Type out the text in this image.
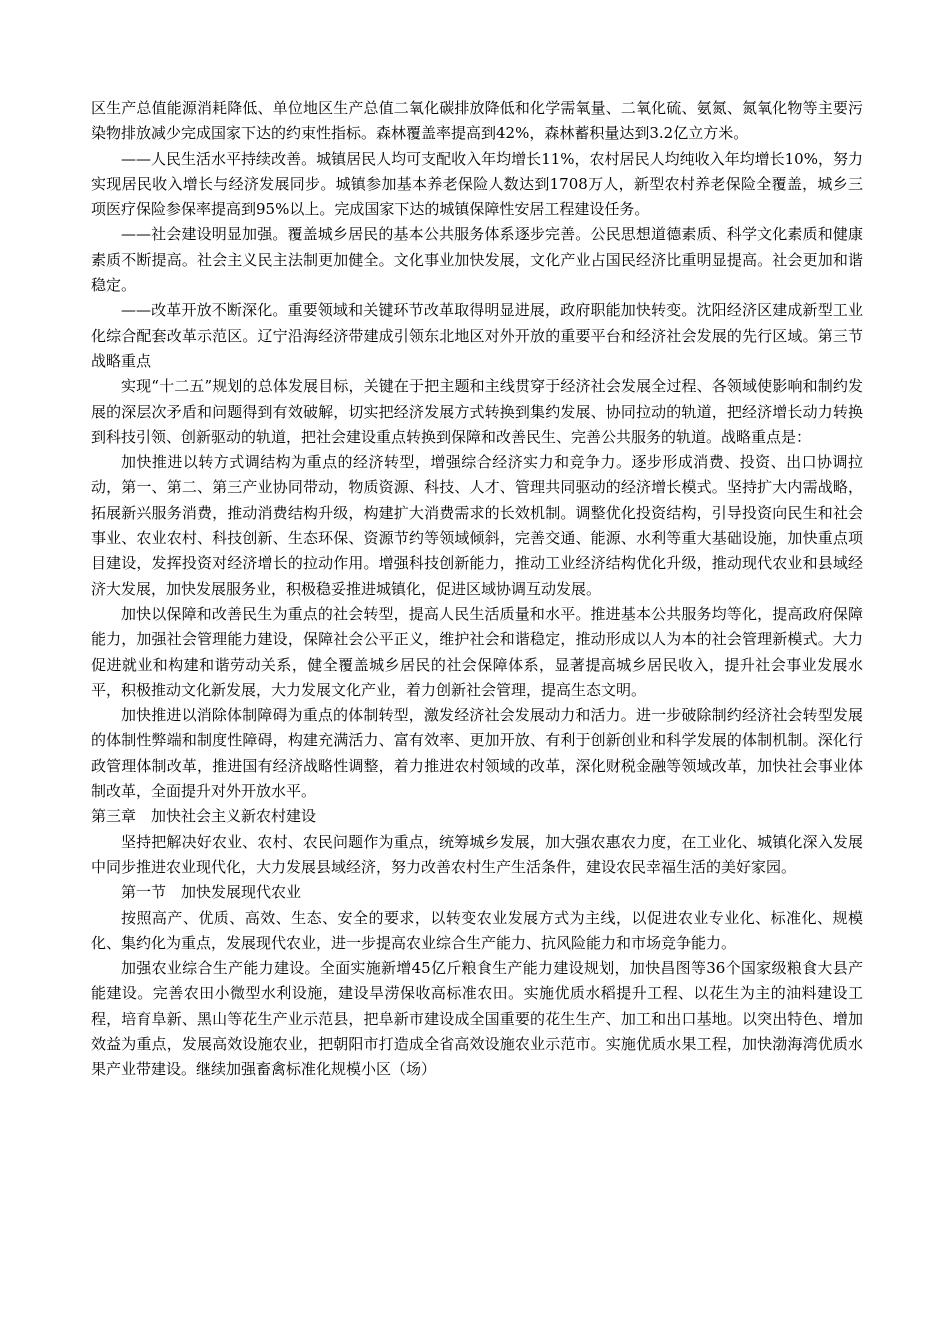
区生产总值能源消耗降低、单位地区生产总值二氧化碳排放降低和化学需氧量、二氧化硫、氨氮、氮氧化物等主要污染物排放减少完成国家下达的约束性指标。森林覆盖率提高到42%，森林蓄积量达到3.2亿立方米。

——人民生活水平持续改善。城镇居民人均可支配收入年均增长11%，农村居民人均纯收入年均增长10%，努力实现居民收入增长与经济发展同步。城镇参加基本养老保险人数达到1708万人，新型农村养老保险全覆盖，城乡三项医疗保险参保率提高到95%以上。完成国家下达的城镇保障性安居工程建设任务。

——社会建设明显加强。覆盖城乡居民的基本公共服务体系逐步完善。公民思想道德素质、科学文化素质和健康素质不断提高。社会主义民主法制更加健全。文化事业加快发展，文化产业占国民经济比重明显提高。社会更加和谐稳定。

——改革开放不断深化。重要领域和关键环节改革取得明显进展，政府职能加快转变。沈阳经济区建成新型工业化综合配套改革示范区。辽宁沿海经济带建成引领东北地区对外开放的重要平台和经济社会发展的先行区域。第三节　战略重点

实现“十二五”规划的总体发展目标，关键在于把主题和主线贯穿于经济社会发展全过程、各领域使影响和制约发展的深层次矛盾和问题得到有效破解，切实把经济发展方式转换到集约发展、协同拉动的轨道，把经济增长动力转换到科技引领、创新驱动的轨道，把社会建设重点转换到保障和改善民生、完善公共服务的轨道。战略重点是：

加快推进以转方式调结构为重点的经济转型，增强综合经济实力和竞争力。逐步形成消费、投资、出口协调拉动，第一、第二、第三产业协同带动，物质资源、科技、人才、管理共同驱动的经济增长模式。坚持扩大内需战略，拓展新兴服务消费，推动消费结构升级，构建扩大消费需求的长效机制。调整优化投资结构，引导投资向民生和社会事业、农业农村、科技创新、生态环保、资源节约等领域倾斜，完善交通、能源、水利等重大基础设施，加快重点项目建设，发挥投资对经济增长的拉动作用。增强科技创新能力，推动工业经济结构优化升级，推动现代农业和县域经济大发展，加快发展服务业，积极稳妥推进城镇化，促进区域协调互动发展。

加快以保障和改善民生为重点的社会转型，提高人民生活质量和水平。推进基本公共服务均等化，提高政府保障能力，加强社会管理能力建设，保障社会公平正义，维护社会和谐稳定，推动形成以人为本的社会管理新模式。大力促进就业和构建和谐劳动关系，健全覆盖城乡居民的社会保障体系，显著提高城乡居民收入，提升社会事业发展水平，积极推动文化新发展，大力发展文化产业，着力创新社会管理，提高生态文明。

加快推进以消除体制障碍为重点的体制转型，激发经济社会发展动力和活力。进一步破除制约经济社会转型发展的体制性弊端和制度性障碍，构建充满活力、富有效率、更加开放、有利于创新创业和科学发展的体制机制。深化行政管理体制改革，推进国有经济战略性调整，着力推进农村领域的改革，深化财税金融等领域改革，加快社会事业体制改革，全面提升对外开放水平。

第三章　加快社会主义新农村建设

坚持把解决好农业、农村、农民问题作为重点，统筹城乡发展，加大强农惠农力度，在工业化、城镇化深入发展中同步推进农业现代化，大力发展县域经济，努力改善农村生产生活条件，建设农民幸福生活的美好家园。

第一节　加快发展现代农业

按照高产、优质、高效、生态、安全的要求，以转变农业发展方式为主线，以促进农业专业化、标准化、规模化、集约化为重点，发展现代农业，进一步提高农业综合生产能力、抗风险能力和市场竞争能力。

加强农业综合生产能力建设。全面实施新增45亿斤粮食生产能力建设规划，加快昌图等36个国家级粮食大县产能建设。完善农田小微型水利设施，建设旱涝保收高标准农田。实施优质水稻提升工程、以花生为主的油料建设工程，培育阜新、黑山等花生产业示范县，把阜新市建设成全国重要的花生生产、加工和出口基地。以突出特色、增加效益为重点，发展高效设施农业，把朝阳市打造成全省高效设施农业示范市。实施优质水果工程，加快渤海湾优质水果产业带建设。继续加强畜禽标准化规模小区（场）
